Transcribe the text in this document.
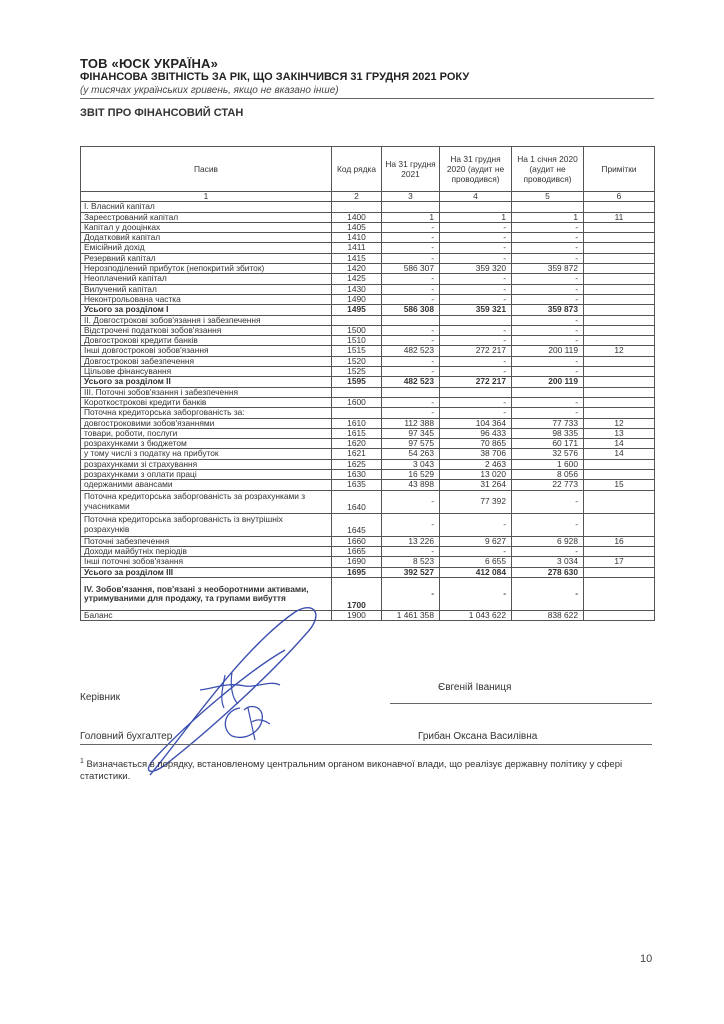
ТОВ «ЮСК УКРАЇНА»
ФІНАНСОВА ЗВІТНІСТЬ ЗА РІК, ЩО ЗАКІНЧИВСЯ 31 ГРУДНЯ 2021 РОКУ
(у тисячах українських гривень, якщо не вказано інше)
ЗВІТ ПРО ФІНАНСОВИЙ СТАН
Пасив	Код рядка	На 31 грудня 2021	На 31 грудня 2020 (аудит не проводився)	На 1 січня 2020 (аудит не проводився)	Примітки
1	2	3	4	5	6
І. Власний капітал					
Зареєстрований капітал	1400	1	1	1	11
Капітал у дооцінках	1405	-	-	-	
Додатковий капітал	1410	-	-	-	
Емісійний дохід	1411	-	-	-	
Резервний капітал	1415	-	-	-	
Нерозподілений прибуток (непокритий збиток)	1420	586 307	359 320	359 872	
Неоплачений капітал	1425	-	-	-	
Вилучений капітал	1430	-	-	-	
Неконтрольована частка	1490	-	-	-	
Усього за розділом I	1495	586 308	359 321	359 873	
II. Довгострокові зобов'язання і забезпечення				-	
Відстрочені податкові зобов'язання	1500	-	-	-	
Довгострокові кредити банків	1510	-	-	-	
Інші довгострокові зобов'язання	1515	482 523	272 217	200 119	12
Довгострокові забезпечення	1520	-	-	-	
Цільове фінансування	1525	-	-	-	
Усього за розділом II	1595	482 523	272 217	200 119	
III. Поточні зобов'язання і забезпечення					
Короткострокові кредити банків	1600	-	-	-	
Поточна кредиторська заборгованість за:		-	-	-	
довгостроковими зобов'язаннями	1610	112 388	104 364	77 733	12
товари, роботи, послуги	1615	97 345	96 433	98 335	13
розрахунками з бюджетом	1620	97 575	70 865	60 171	14
у тому числі з податку на прибуток	1621	54 263	38 706	32 576	14
розрахунками зі страхування	1625	3 043	2 463	1 600	
розрахунками з оплати праці	1630	16 529	13 020	8 056	
одержаними авансами	1635	43 898	31 264	22 773	15
Поточна кредиторська заборгованість за розрахунками з учасниками	1640	-	77 392	-	
Поточна кредиторська заборгованість із внутрішніх розрахунків	1645	-	-	-	
Поточні забезпечення	1660	13 226	9 627	6 928	16
Доходи майбутніх періодів	1665	-	-	-	
Інші поточні зобов'язання	1690	8 523	6 655	3 034	17
Усього за розділом III	1695	392 527	412 084	278 630	
IV. Зобов'язання, пов'язані з необоротними активами, утримуваними для продажу, та групами вибуття	1700	-	-	-	
Баланс	1900	1 461 358	1 043 622	838 622	
Керівник
Євгеній Іваниця
Головний бухгалтер	Грибан Оксана Василівна
$^1$ Визначається в порядку, встановленому центральним органом виконавчої влади, що реалізує державну політику у сфері статистики.
10
